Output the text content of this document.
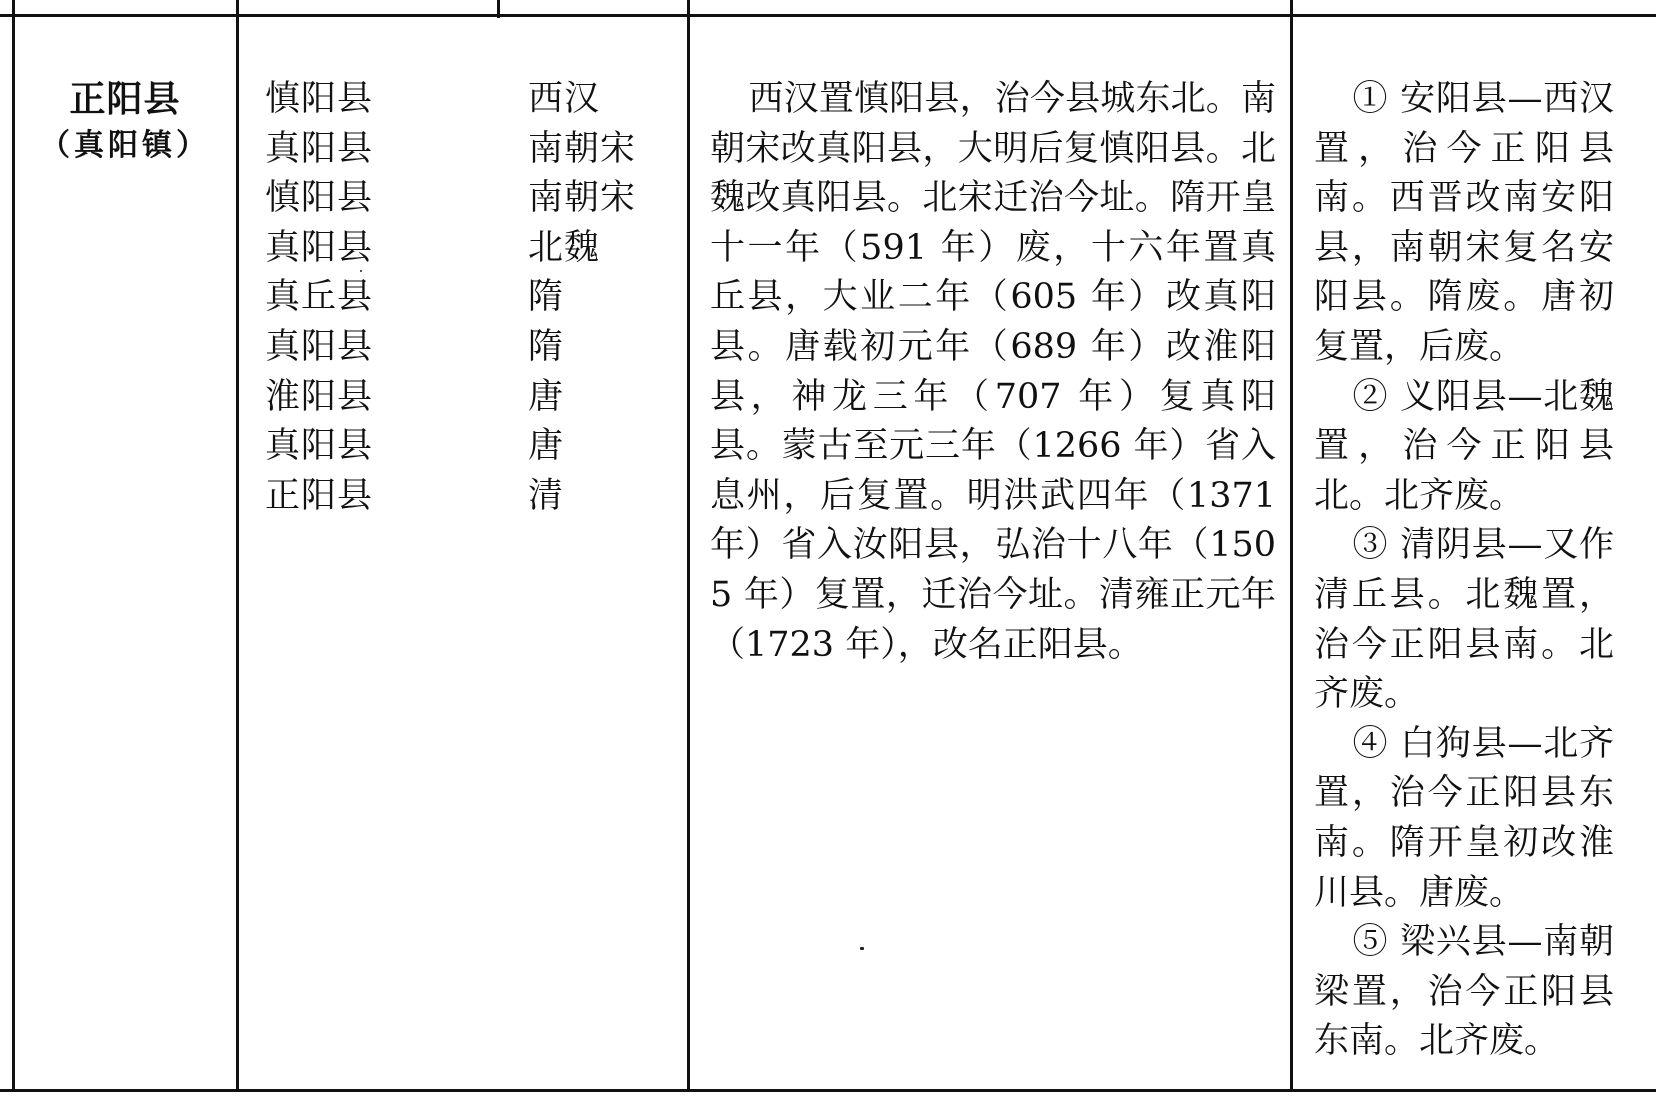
正阳县
（真阳镇）
慎阳县
真阳县
慎阳县
真阳县
真丘县
真阳县
淮阳县
真阳县
正阳县
西汉
南朝宋
南朝宋
北魏
隋
隋
唐
唐
清

西汉置慎阳县，治今县城东北。南朝宋改真阳县，大明后复慎阳县。北魏改真阳县。北宋迁治今址。隋开皇十一年（591 年）废，十六年置真丘县，大业二年（605 年）改真阳县。唐载初元年（689 年）改淮阳县，神龙三年（707 年）复真阳县。蒙古至元三年（1266 年）省入息州，后复置。明洪武四年（1371 年）省入汝阳县，弘治十八年（1505 年）复置，迁治今址。清雍正元年（1723 年），改名正阳县。

① 安阳县—西汉置，治今正阳县南。西晋改南安阳县，南朝宋复名安阳县。隋废。唐初复置，后废。

② 义阳县—北魏置，治今正阳县北。北齐废。

③ 清阴县—又作清丘县。北魏置，治今正阳县南。北齐废。

④ 白狗县—北齐置，治今正阳县东南。隋开皇初改淮川县。唐废。

⑤ 梁兴县—南朝梁置，治今正阳县东南。北齐废。
